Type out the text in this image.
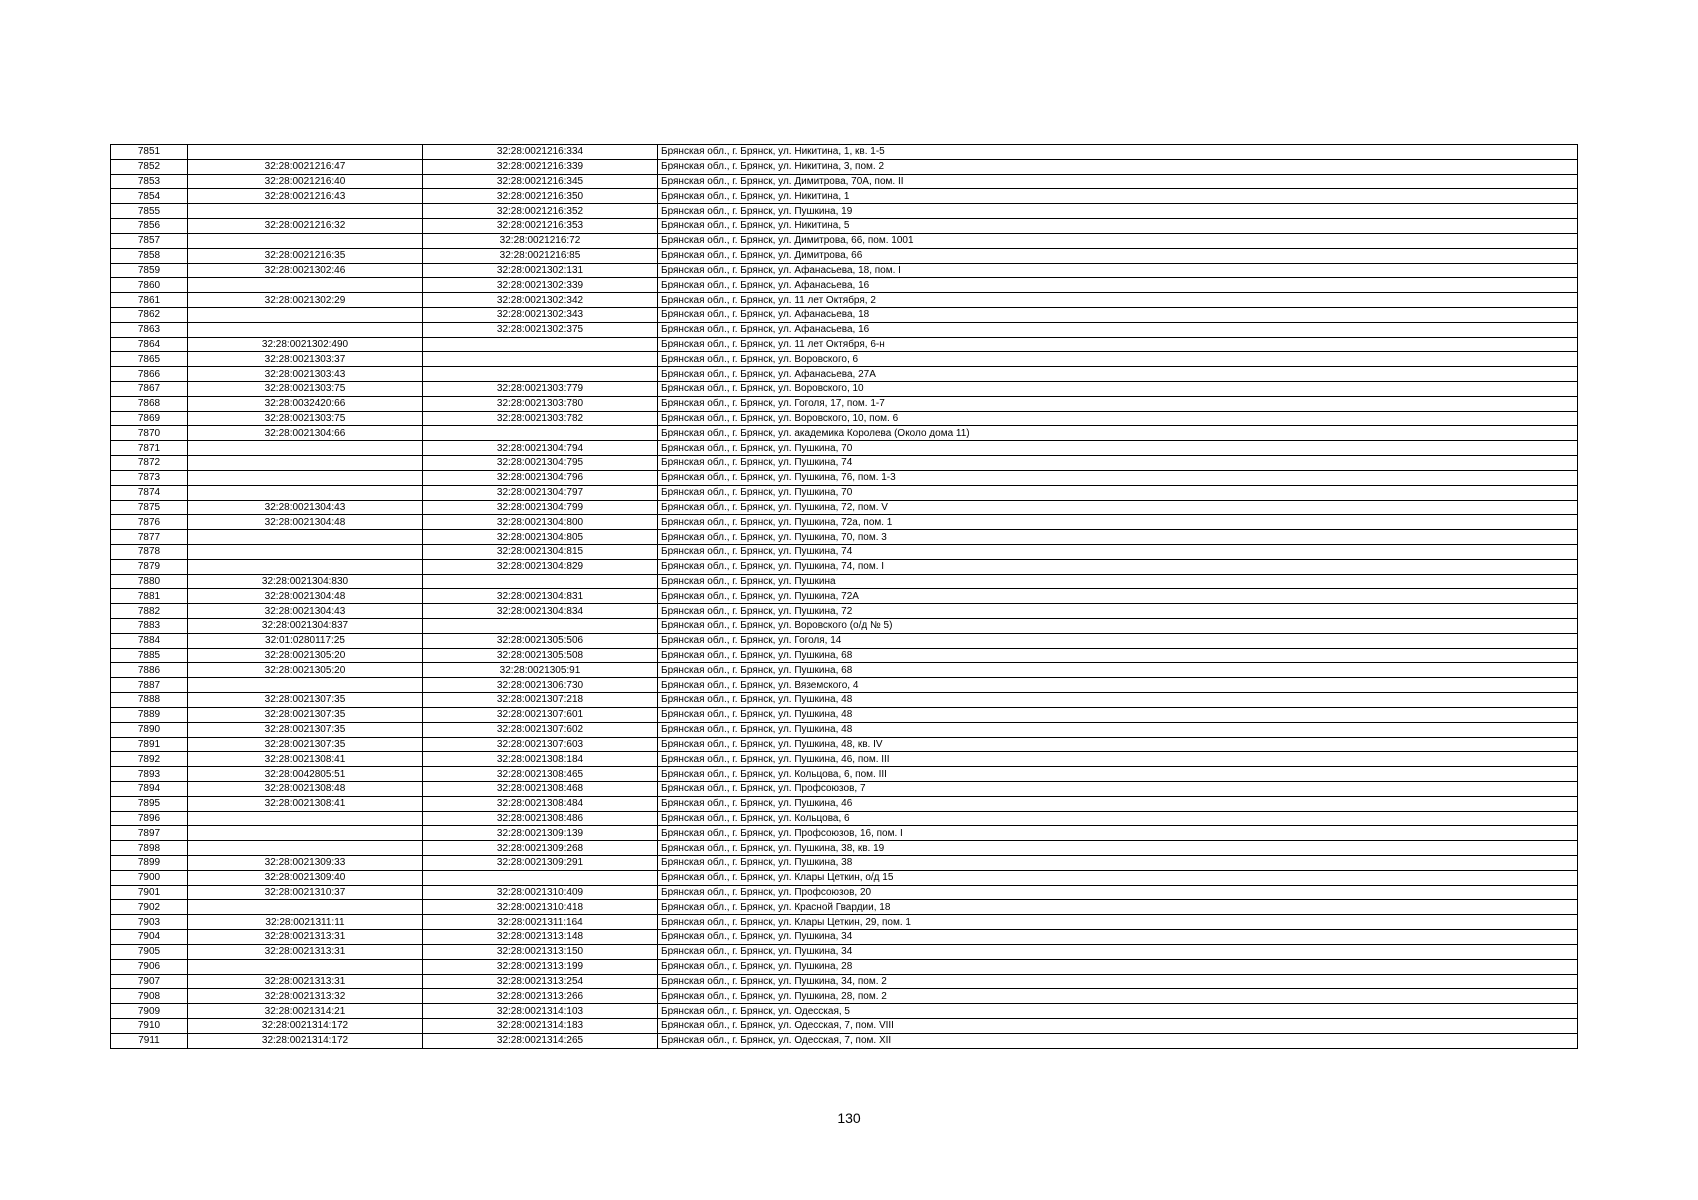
7851		32:28:0021216:334	Брянская обл., г. Брянск, ул. Никитина, 1, кв. 1-5
7852	32:28:0021216:47	32:28:0021216:339	Брянская обл., г. Брянск, ул. Никитина, 3, пом. 2
7853	32:28:0021216:40	32:28:0021216:345	Брянская обл., г. Брянск, ул. Димитрова, 70А, пом. II
7854	32:28:0021216:43	32:28:0021216:350	Брянская обл., г. Брянск, ул. Никитина, 1
7855		32:28:0021216:352	Брянская обл., г. Брянск, ул. Пушкина, 19
7856	32:28:0021216:32	32:28:0021216:353	Брянская обл., г. Брянск, ул. Никитина, 5
7857		32:28:0021216:72	Брянская обл., г. Брянск, ул. Димитрова, 66, пом. 1001
7858	32:28:0021216:35	32:28:0021216:85	Брянская обл., г. Брянск, ул. Димитрова, 66
7859	32:28:0021302:46	32:28:0021302:131	Брянская обл., г. Брянск, ул. Афанасьева, 18, пом. I
7860		32:28:0021302:339	Брянская обл., г. Брянск, ул. Афанасьева, 16
7861	32:28:0021302:29	32:28:0021302:342	Брянская обл., г. Брянск, ул. 11 лет Октября, 2
7862		32:28:0021302:343	Брянская обл., г. Брянск, ул. Афанасьева, 18
7863		32:28:0021302:375	Брянская обл., г. Брянск, ул. Афанасьева, 16
7864	32:28:0021302:490		Брянская обл., г. Брянск, ул. 11 лет Октября, 6-н
7865	32:28:0021303:37		Брянская обл., г. Брянск, ул. Воровского, 6
7866	32:28:0021303:43		Брянская обл., г. Брянск, ул. Афанасьева, 27А
7867	32:28:0021303:75	32:28:0021303:779	Брянская обл., г. Брянск, ул. Воровского, 10
7868	32:28:0032420:66	32:28:0021303:780	Брянская обл., г. Брянск, ул. Гоголя, 17, пом. 1-7
7869	32:28:0021303:75	32:28:0021303:782	Брянская обл., г. Брянск, ул. Воровского, 10, пом. 6
7870	32:28:0021304:66		Брянская обл., г. Брянск, ул. академика Королева (Около дома 11)
7871		32:28:0021304:794	Брянская обл., г. Брянск, ул. Пушкина, 70
7872		32:28:0021304:795	Брянская обл., г. Брянск, ул. Пушкина, 74
7873		32:28:0021304:796	Брянская обл., г. Брянск, ул. Пушкина, 76, пом. 1-3
7874		32:28:0021304:797	Брянская обл., г. Брянск, ул. Пушкина, 70
7875	32:28:0021304:43	32:28:0021304:799	Брянская обл., г. Брянск, ул. Пушкина, 72, пом. V
7876	32:28:0021304:48	32:28:0021304:800	Брянская обл., г. Брянск, ул. Пушкина, 72а, пом. 1
7877		32:28:0021304:805	Брянская обл., г. Брянск, ул. Пушкина, 70, пом. 3
7878		32:28:0021304:815	Брянская обл., г. Брянск, ул. Пушкина, 74
7879		32:28:0021304:829	Брянская обл., г. Брянск, ул. Пушкина, 74, пом. I
7880	32:28:0021304:830		Брянская обл., г. Брянск, ул. Пушкина
7881	32:28:0021304:48	32:28:0021304:831	Брянская обл., г. Брянск, ул. Пушкина, 72А
7882	32:28:0021304:43	32:28:0021304:834	Брянская обл., г. Брянск, ул. Пушкина, 72
7883	32:28:0021304:837		Брянская обл., г. Брянск, ул. Воровского (о/д № 5)
7884	32:01:0280117:25	32:28:0021305:506	Брянская обл., г. Брянск, ул. Гоголя, 14
7885	32:28:0021305:20	32:28:0021305:508	Брянская обл., г. Брянск, ул. Пушкина, 68
7886	32:28:0021305:20	32:28:0021305:91	Брянская обл., г. Брянск, ул. Пушкина, 68
7887		32:28:0021306:730	Брянская обл., г. Брянск, ул. Вяземского, 4
7888	32:28:0021307:35	32:28:0021307:218	Брянская обл., г. Брянск, ул. Пушкина, 48
7889	32:28:0021307:35	32:28:0021307:601	Брянская обл., г. Брянск, ул. Пушкина, 48
7890	32:28:0021307:35	32:28:0021307:602	Брянская обл., г. Брянск, ул. Пушкина, 48
7891	32:28:0021307:35	32:28:0021307:603	Брянская обл., г. Брянск, ул. Пушкина, 48, кв. IV
7892	32:28:0021308:41	32:28:0021308:184	Брянская обл., г. Брянск, ул. Пушкина, 46, пом. III
7893	32:28:0042805:51	32:28:0021308:465	Брянская обл., г. Брянск, ул. Кольцова, 6, пом. III
7894	32:28:0021308:48	32:28:0021308:468	Брянская обл., г. Брянск, ул. Профсоюзов, 7
7895	32:28:0021308:41	32:28:0021308:484	Брянская обл., г. Брянск, ул. Пушкина, 46
7896		32:28:0021308:486	Брянская обл., г. Брянск, ул. Кольцова, 6
7897		32:28:0021309:139	Брянская обл., г. Брянск, ул. Профсоюзов, 16, пом. I
7898		32:28:0021309:268	Брянская обл., г. Брянск, ул. Пушкина, 38, кв. 19
7899	32:28:0021309:33	32:28:0021309:291	Брянская обл., г. Брянск, ул. Пушкина, 38
7900	32:28:0021309:40		Брянская обл., г. Брянск, ул. Клары Цеткин, о/д 15
7901	32:28:0021310:37	32:28:0021310:409	Брянская обл., г. Брянск, ул. Профсоюзов, 20
7902		32:28:0021310:418	Брянская обл., г. Брянск, ул. Красной Гвардии, 18
7903	32:28:0021311:11	32:28:0021311:164	Брянская обл., г. Брянск, ул. Клары Цеткин, 29, пом. 1
7904	32:28:0021313:31	32:28:0021313:148	Брянская обл., г. Брянск, ул. Пушкина, 34
7905	32:28:0021313:31	32:28:0021313:150	Брянская обл., г. Брянск, ул. Пушкина, 34
7906		32:28:0021313:199	Брянская обл., г. Брянск, ул. Пушкина, 28
7907	32:28:0021313:31	32:28:0021313:254	Брянская обл., г. Брянск, ул. Пушкина, 34, пом. 2
7908	32:28:0021313:32	32:28:0021313:266	Брянская обл., г. Брянск, ул. Пушкина, 28, пом. 2
7909	32:28:0021314:21	32:28:0021314:103	Брянская обл., г. Брянск, ул. Одесская, 5
7910	32:28:0021314:172	32:28:0021314:183	Брянская обл., г. Брянск, ул. Одесская, 7, пом. VIII
7911	32:28:0021314:172	32:28:0021314:265	Брянская обл., г. Брянск, ул. Одесская, 7, пом. XII
130
